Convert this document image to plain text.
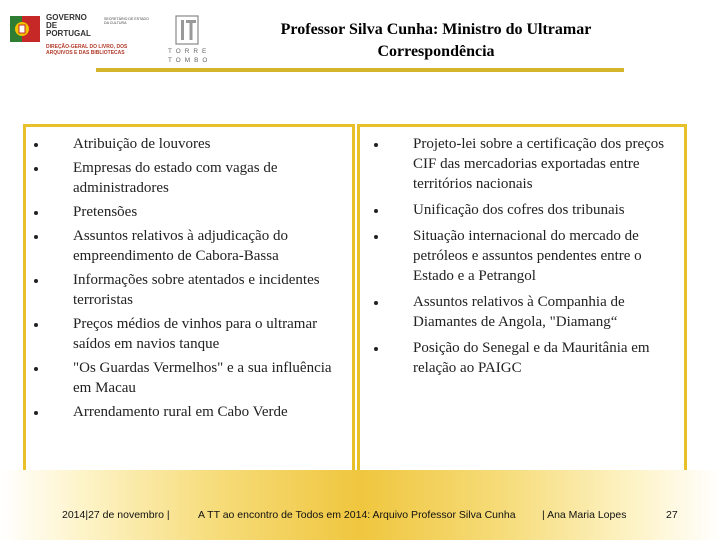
GOVERNO DE PORTUGAL
SECRETÁRIO DE ESTADO DA CULTURA
DIREÇÃO-GERAL DO LIVRO, DOS ARQUIVOS E DAS BIBLIOTECAS	TORRE TOMBO
Professor Silva Cunha: Ministro do Ultramar
Correspondência
Atribuição de louvores
Empresas do estado com vagas de administradores
Pretensões
Assuntos relativos à adjudicação do empreendimento de Cabora-Bassa
Informações sobre atentados e incidentes terroristas
Preços médios de vinhos para o ultramar saídos em navios tanque
"Os Guardas Vermelhos" e a sua influência em Macau
Arrendamento rural em Cabo Verde
Projeto-lei sobre a certificação dos preços CIF das mercadorias exportadas entre territórios nacionais
Unificação dos cofres dos tribunais
Situação internacional do mercado de petróleos e assuntos pendentes entre o Estado e a Petrangol
Assuntos relativos à Companhia de Diamantes de Angola, "Diamang“
Posição do Senegal e da Mauritânia em relação ao PAIGC
2014|27 de novembro |	A TT ao encontro de Todos em 2014: Arquivo Professor Silva Cunha	| Ana Maria Lopes	27
